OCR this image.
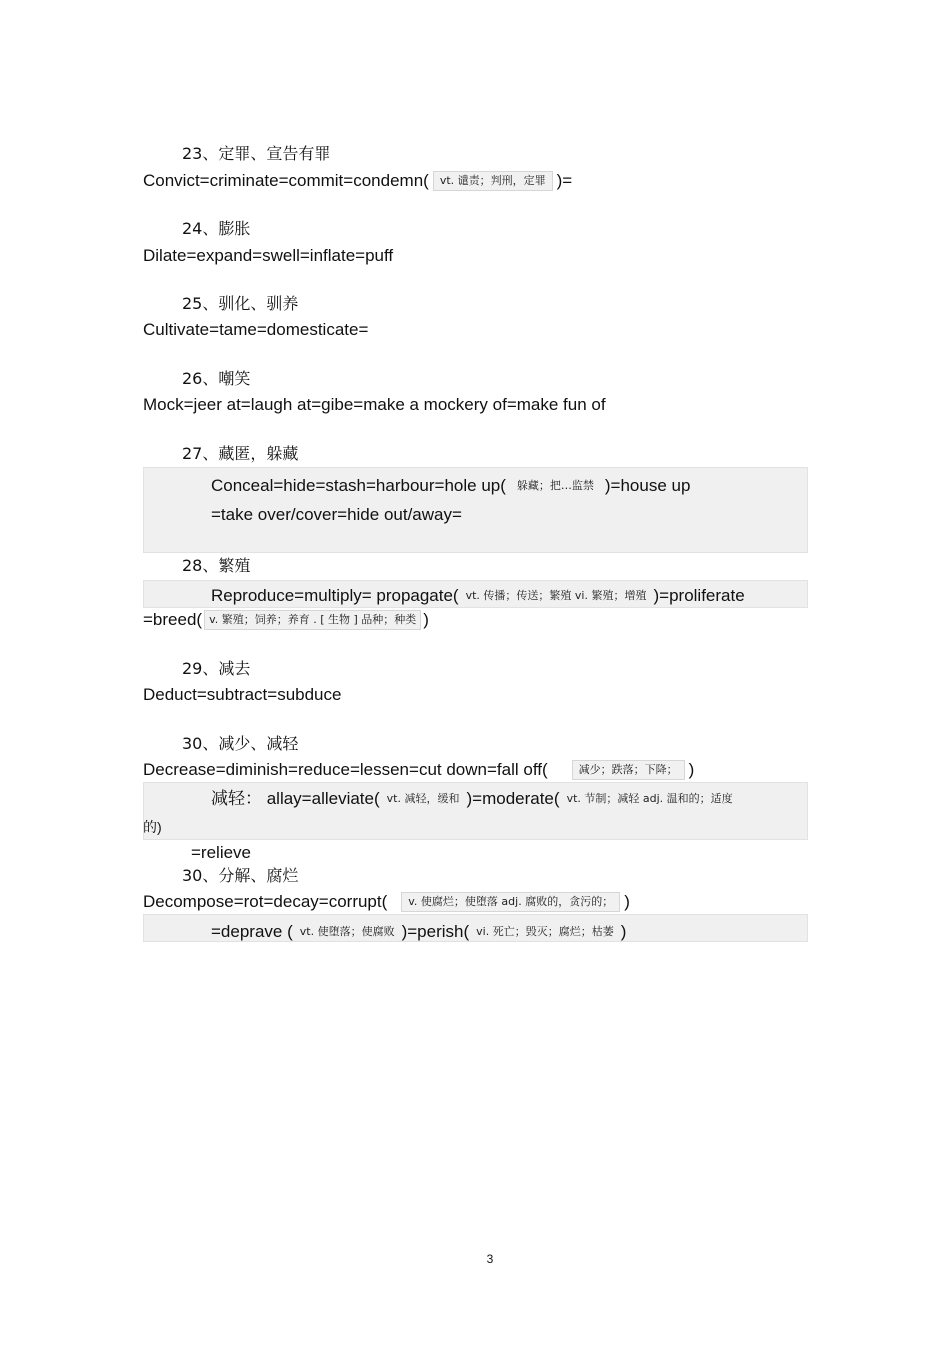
23、定罪、宣告有罪
Convict=criminate=commit=condemn( vt. 谴责；判刑，定罪 )=
24、膨胀
Dilate=expand=swell=inflate=puff
25、驯化、驯养
Cultivate=tame=domesticate=
26、嘲笑
Mock=jeer at=laugh at=gibe=make a mockery of=make fun of
27、藏匿，躲藏
Conceal=hide=stash=harbour=hole up( 躲藏；把…监禁 )=house up
=take over/cover=hide out/away=
28、繁殖
Reproduce=multiply= propagate( vt. 传播；传送；繁殖 vi. 繁殖；增殖 )=proliferate
=breed( v. 繁殖；饲养；养育 . [ 生物 ] 品种；种类 )
29、减去
Deduct=subtract=subduce
30、减少、减轻
Decrease=diminish=reduce=lessen=cut down=fall off(	减少；跌落；下降； )
减轻： allay=alleviate( vt. 减轻，缓和 )=moderate( vt. 节制；减轻 adj. 温和的；适度
的)
=relieve
30、分解、腐烂
Decompose=rot=decay=corrupt( v. 使腐烂；使堕落 adj. 腐败的，贪污的； )
=deprave ( vt. 使堕落；使腐败 )=perish( vi. 死亡；毁灭；腐烂；枯萎 )
3
